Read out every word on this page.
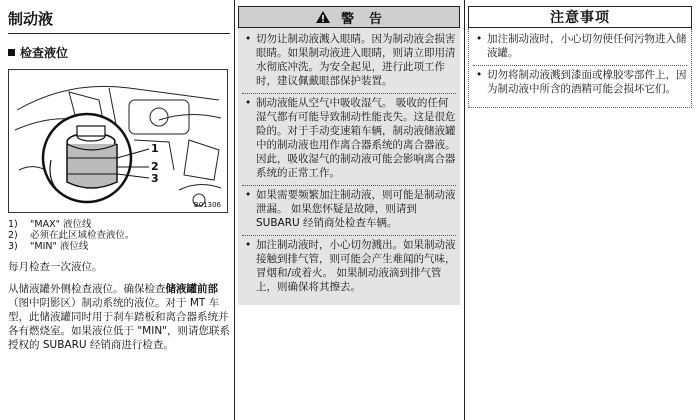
制动液
检查液位
1
2
3
B01306
1)	"MAX" 液位线
2)	必须在此区域检查液位。
3)	"MIN" 液位线

每月检查一次液位。

从储液罐外侧检查液位。确保检查储液罐前部（图中阴影区）制动系统的液位。对于 MT 车型，此储液罐同时用于刹车踏板和离合器系统并各有燃烧室。如果液位低于 "MIN"，则请您联系授权的 SUBARU 经销商进行检查。

警　告
• 切勿让制动液溅入眼睛。因为制动液会损害眼睛。如果制动液进入眼睛，则请立即用清水彻底冲洗。为安全起见，进行此项工作时，建议佩戴眼部保护装置。
• 制动液能从空气中吸收湿气。 吸收的任何湿气都有可能导致制动性能丧失。这是很危险的。对于手动变速箱车辆，制动液储液罐中的制动液也用作离合器系统的离合器液。因此，吸收湿气的制动液可能会影响离合器系统的正常工作。
• 如果需要频繁加注制动液，则可能是制动液泄漏。 如果您怀疑是故障，则请到 SUBARU 经销商处检查车辆。
• 加注制动液时，小心切勿溅出。如果制动液接触到排气管，则可能会产生难闻的气味，冒烟和/或着火。 如果制动液滴到排气管上，则确保将其擦去。
注意事项
• 加注制动液时，小心切勿使任何污物进入储液罐。
• 切勿将制动液溅到漆面或橡胶零部件上，因为制动液中所含的酒精可能会损坏它们。
